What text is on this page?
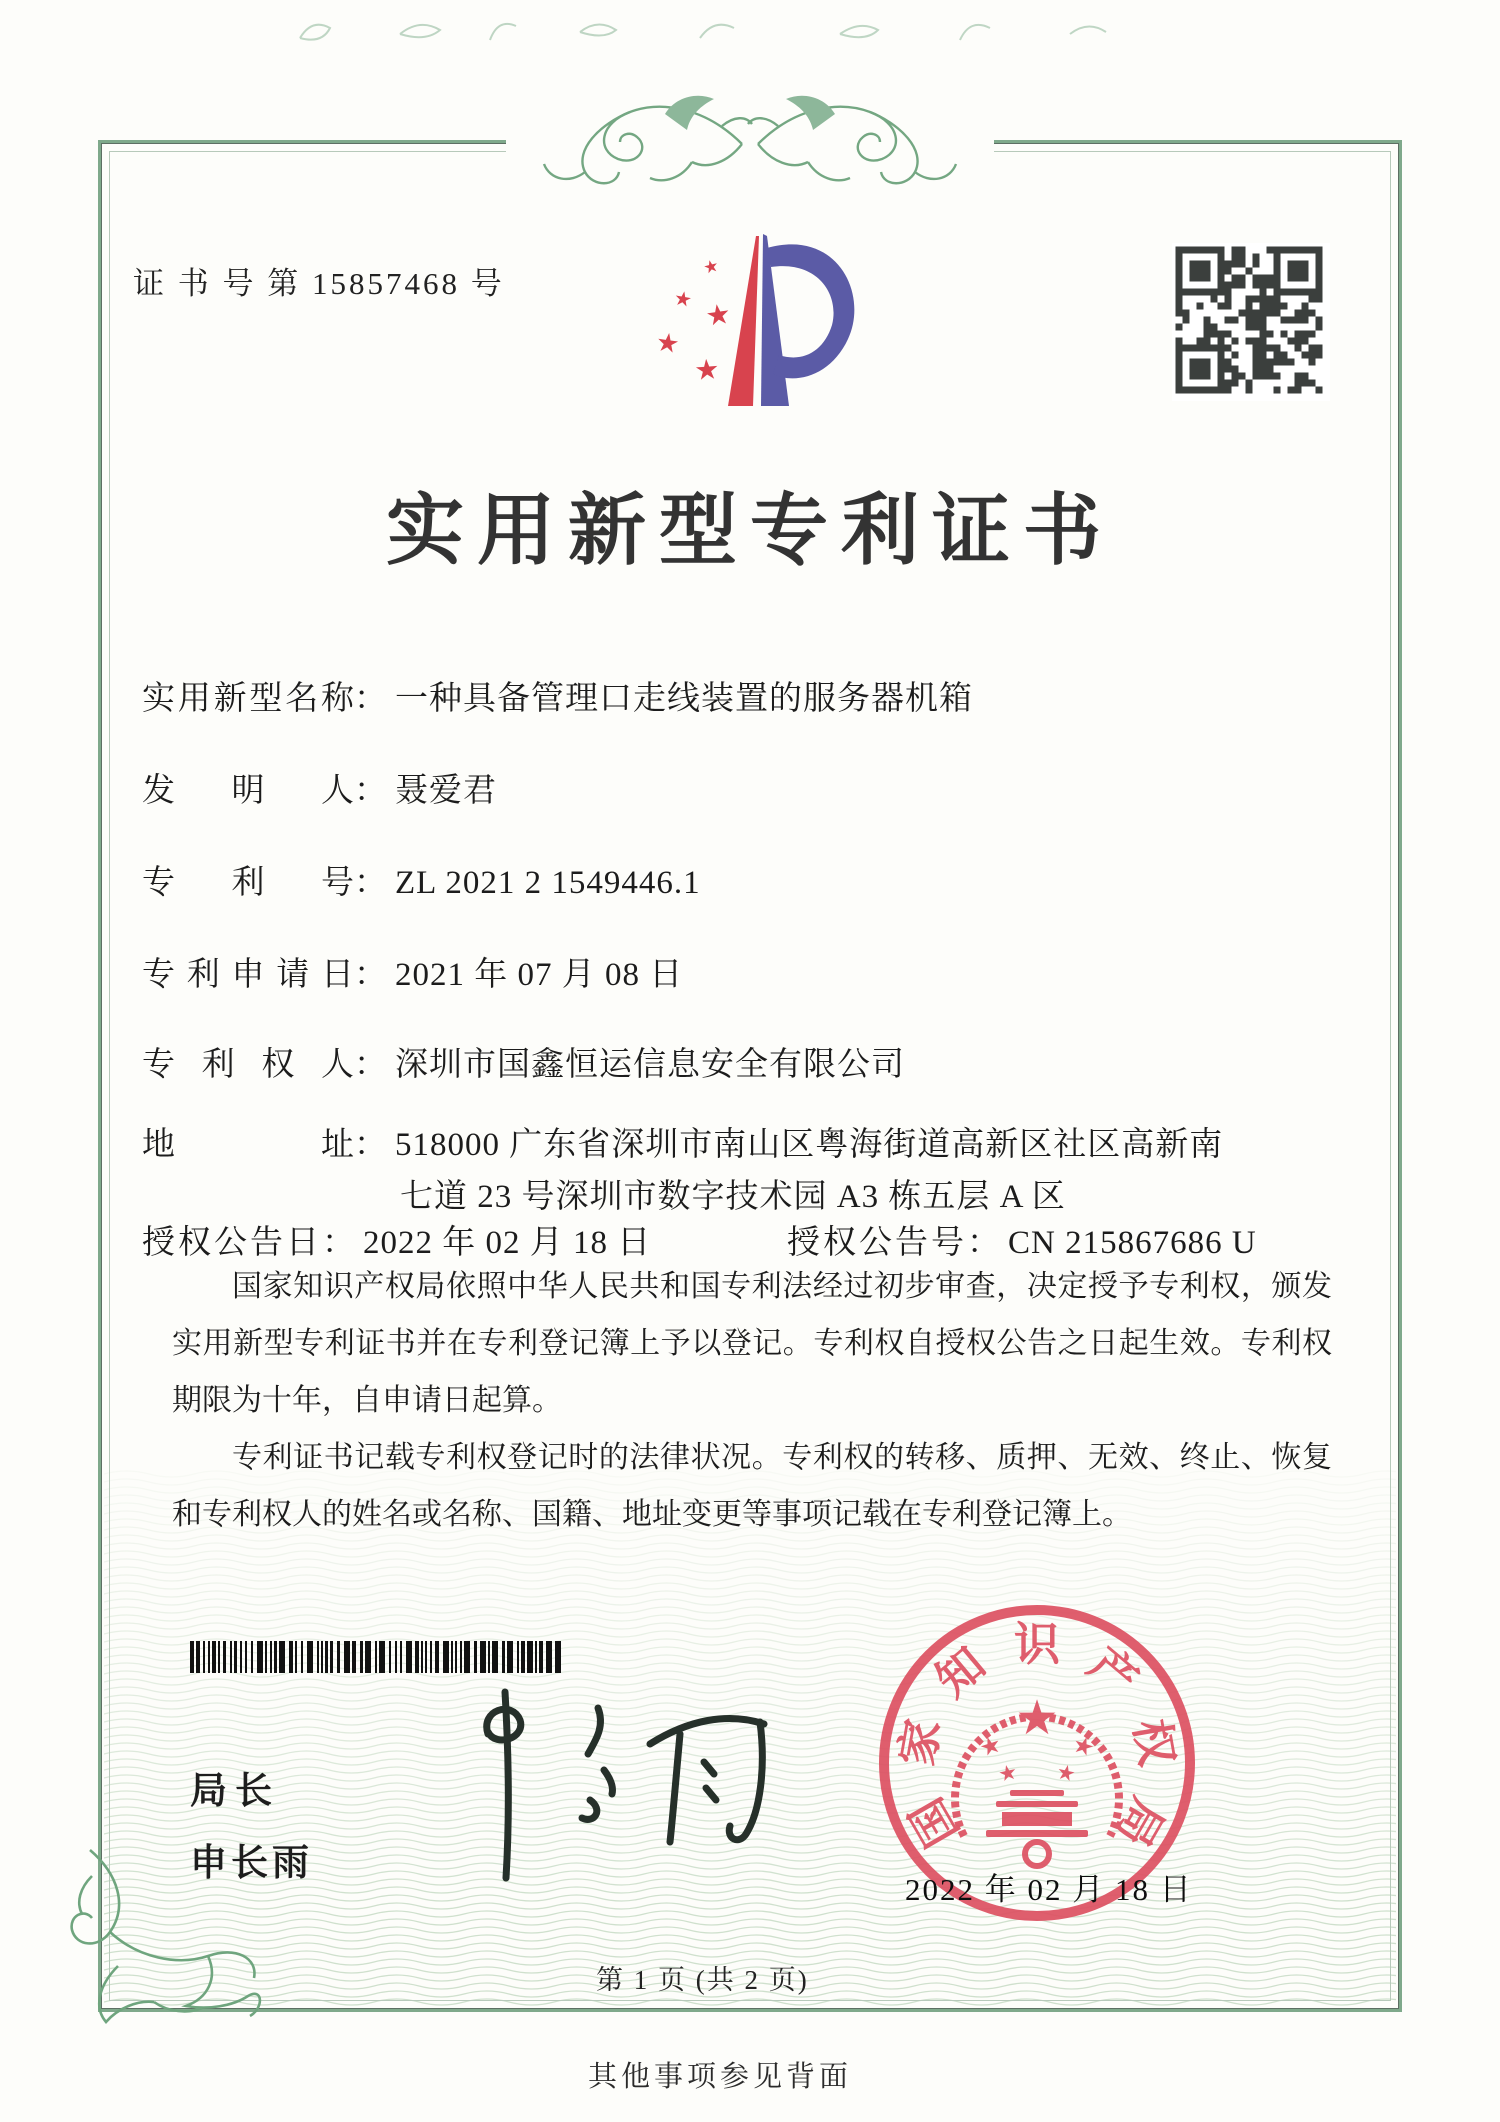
证 书 号 第 15857468 号	★
★ ★
★
★
实用新型专利证书
实用新型名称： 一种具备管理口走线装置的服务器机箱
发明人： 聂爱君
专利号： ZL 2021 2 1549446.1
专利申请日： 2021 年 07 月 08 日
专利权人： 深圳市国鑫恒运信息安全有限公司
地址： 518000 广东省深圳市南山区粤海街道高新区社区高新南
七道 23 号深圳市数字技术园 A3 栋五层 A 区
授权公告日： 2022 年 02 月 18 日	授权公告号： CN 215867686 U

国家知识产权局依照中华人民共和国专利法经过初步审查，决定授予专利权，颁发实用新型专利证书并在专利登记簿上予以登记。专利权自授权公告之日起生效。专利权期限为十年，自申请日起算。

专利证书记载专利权登记时的法律状况。专利权的转移、质押、无效、终止、恢复和专利权人的姓名或名称、国籍、地址变更等事项记载在专利登记簿上。

局长
申长雨
国
家
知 识 产
权
局
★
★	★
★ ★
2022 年 02 月 18 日
第 1 页 (共 2 页)
其他事项参见背面
